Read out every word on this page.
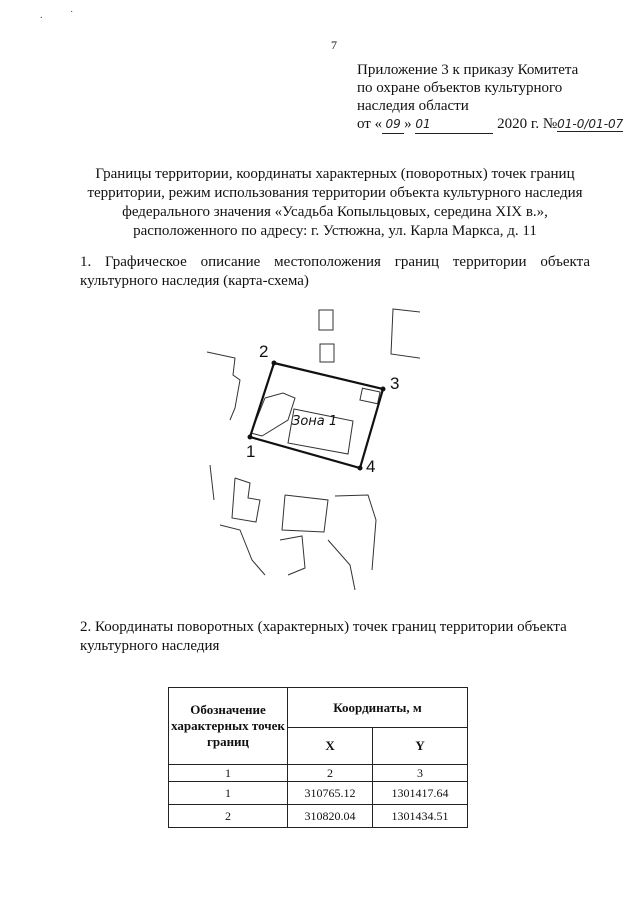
.           ˙
7
Приложение 3 к приказу Комитета
по охране объектов культурного
наследия области
от « 09 » 01	2020 г. №01-0/01-07
Границы территории, координаты характерных (поворотных) точек границ территории, режим использования территории объекта культурного наследия федерального значения «Усадьба Копыльцовых, середина XIX в.», расположенного по адресу: г. Устюжна, ул. Карла Маркса, д. 11
1. Графическое описание местоположения границ территории объекта культурного наследия (карта-схема)
Зона 1
1
2
3
4
2. Координаты поворотных (характерных) точек границ территории объекта культурного наследия
Обозначение характерных точек границ	Координаты, м	
	X	Y
1	2	3
1	310765.12	1301417.64
2	310820.04	1301434.51
